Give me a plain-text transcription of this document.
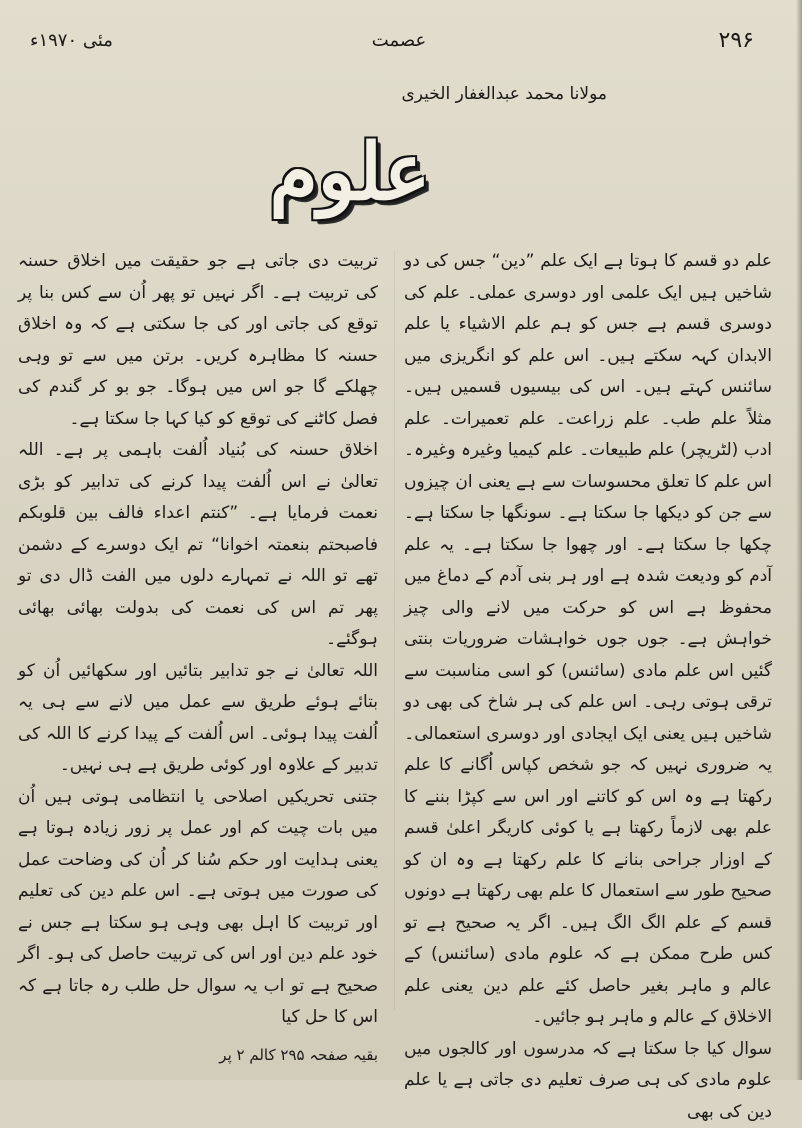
۲۹۶
عصمت
مئی ۱۹۷۰ء
مولانا محمد عبدالغفار الخیری
علوم

علم دو قسم کا ہوتا ہے ایک علم ”دین“ جس کی دو شاخیں ہیں ایک علمی اور دوسری عملی۔ علم کی دوسری قسم ہے جس کو ہم علم الاشیاء یا علم الابدان کہہ سکتے ہیں۔ اس علم کو انگریزی میں سائنس کہتے ہیں۔ اس کی بیسیوں قسمیں ہیں۔ مثلاً علم طب۔ علم زراعت۔ علم تعمیرات۔ علم ادب (لٹریچر) علم طبیعات۔ علم کیمیا وغیرہ وغیرہ۔ اس علم کا تعلق محسوسات سے ہے یعنی ان چیزوں سے جن کو دیکھا جا سکتا ہے۔ سونگھا جا سکتا ہے۔ چکھا جا سکتا ہے۔ اور چھوا جا سکتا ہے۔ یہ علم آدم کو ودیعت شدہ ہے اور ہر بنی آدم کے دماغ میں محفوظ ہے اس کو حرکت میں لانے والی چیز خواہش ہے۔ جوں جوں خواہشات ضروریات بنتی گئیں اس علم مادی (سائنس) کو اسی مناسبت سے ترقی ہوتی رہی۔ اس علم کی ہر شاخ کی بھی دو شاخیں ہیں یعنی ایک ایجادی اور دوسری استعمالی۔

یہ ضروری نہیں کہ جو شخص کپاس اُگانے کا علم رکھتا ہے وہ اس کو کاتنے اور اس سے کپڑا بننے کا علم بھی لازماً رکھتا ہے یا کوئی کاریگر اعلیٰ قسم کے اوزار جراحی بنانے کا علم رکھتا ہے وہ ان کو صحیح طور سے استعمال کا علم بھی رکھتا ہے دونوں قسم کے علم الگ الگ ہیں۔ اگر یہ صحیح ہے تو کس طرح ممکن ہے کہ علوم مادی (سائنس) کے عالم و ماہر بغیر حاصل کئے علم دین یعنی علم الاخلاق کے عالم و ماہر ہو جائیں۔

سوال کیا جا سکتا ہے کہ مدرسوں اور کالجوں میں علوم مادی کی ہی صرف تعلیم دی جاتی ہے یا علم دین کی بھی

تربیت دی جاتی ہے جو حقیقت میں اخلاق حسنہ کی تربیت ہے۔ اگر نہیں تو پھر اُن سے کس بنا پر توقع کی جاتی اور کی جا سکتی ہے کہ وہ اخلاق حسنہ کا مظاہرہ کریں۔ برتن میں سے تو وہی چھلکے گا جو اس میں ہوگا۔ جو بو کر گندم کی فصل کاٹنے کی توقع کو کیا کہا جا سکتا ہے۔

اخلاق حسنہ کی بُنیاد اُلفت باہمی پر ہے۔ اللہ تعالیٰ نے اس اُلفت پیدا کرنے کی تدابیر کو بڑی نعمت فرمایا ہے۔ ”کنتم اعداء فالف بین قلوبکم فاصبحتم بنعمتہ اخوانا“ تم ایک دوسرے کے دشمن تھے تو اللہ نے تمہارے دلوں میں الفت ڈال دی تو پھر تم اس کی نعمت کی بدولت بھائی بھائی ہوگئے۔

اللہ تعالیٰ نے جو تدابیر بتائیں اور سکھائیں اُن کو بتائے ہوئے طریق سے عمل میں لانے سے ہی یہ اُلفت پیدا ہوئی۔ اس اُلفت کے پیدا کرنے کا اللہ کی تدبیر کے علاوہ اور کوئی طریق ہے ہی نہیں۔

جتنی تحریکیں اصلاحی یا انتظامی ہوتی ہیں اُن میں بات چیت کم اور عمل پر زور زیادہ ہوتا ہے یعنی ہدایت اور حکم سُنا کر اُن کی وضاحت عمل کی صورت میں ہوتی ہے۔ اس علم دین کی تعلیم اور تربیت کا اہل بھی وہی ہو سکتا ہے جس نے خود علم دین اور اس کی تربیت حاصل کی ہو۔ اگر صحیح ہے تو اب یہ سوال حل طلب رہ جاتا ہے کہ اس کا حل کیا

بقیہ صفحہ ۲۹۵ کالم ۲ پر
